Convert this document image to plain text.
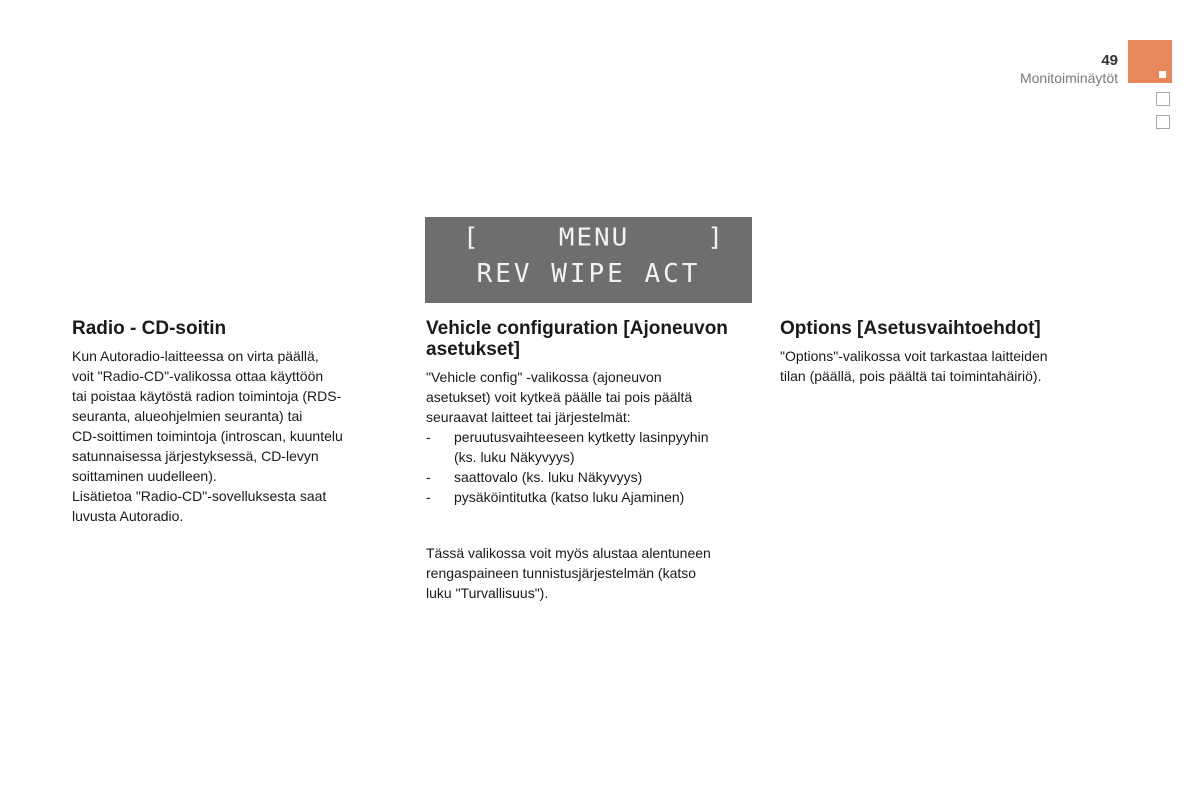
49
Monitoiminäytöt
[	MENU	]
REV WIPE ACT
Radio - CD-soitin

Kun Autoradio-laitteessa on virta päällä,
voit "Radio-CD"-valikossa ottaa käyttöön
tai poistaa käytöstä radion toimintoja (RDS-
seuranta, alueohjelmien seuranta) tai
CD-soittimen toimintoja (introscan, kuuntelu
satunnaisessa järjestyksessä, CD-levyn
soittaminen uudelleen).
Lisätietoa "Radio-CD"-sovelluksesta saat
luvusta Autoradio.

Vehicle configuration [Ajoneuvon asetukset]

"Vehicle config" -valikossa (ajoneuvon
asetukset) voit kytkeä päälle tai pois päältä
seuraavat laitteet tai järjestelmät:

- peruutusvaihteeseen kytketty lasinpyyhin
(ks. luku Näkyvyys)
- saattovalo (ks. luku Näkyvyys)
- pysäköintitutka (katso luku Ajaminen)

Tässä valikossa voit myös alustaa alentuneen
rengaspaineen tunnistusjärjestelmän (katso
luku "Turvallisuus").

Options [Asetusvaihtoehdot]

"Options"-valikossa voit tarkastaa laitteiden
tilan (päällä, pois päältä tai toimintahäiriö).
